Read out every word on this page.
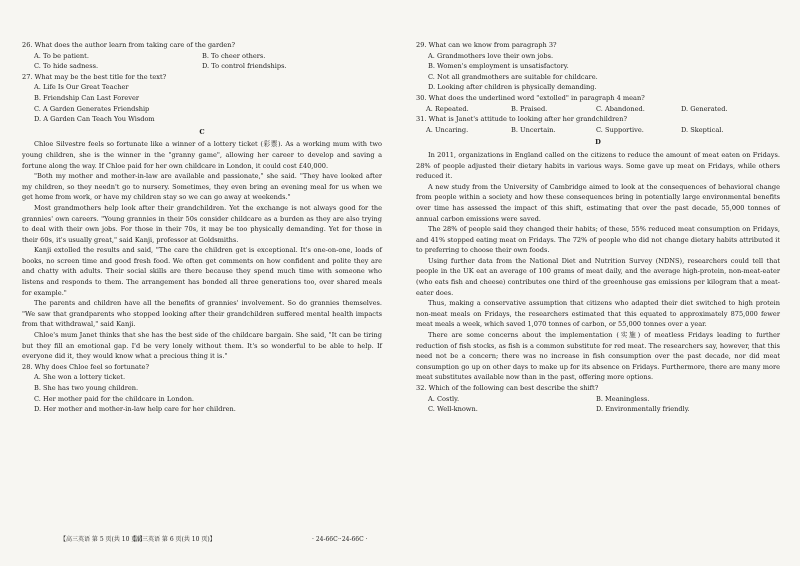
26. What does the author learn from taking care of the garden?

A. To be patient.	B. To cheer others.
C. To hide sadness.	D. To control friendships.

27. What may be the best title for the text?

A. Life Is Our Great Teacher
B. Friendship Can Last Forever
C. A Garden Generates Friendship
D. A Garden Can Teach You Wisdom
C

Chloe Silvestre feels so fortunate like a winner of a lottery ticket (彩票). As a working mum with two young children, she is the winner in the "granny game", allowing her career to develop and saving a fortune along the way. If Chloe paid for her own childcare in London, it could cost £40,000.

"Both my mother and mother-in-law are available and passionate," she said. "They have looked after my children, so they needn't go to nursery. Sometimes, they even bring an evening meal for us when we get home from work, or have my children stay so we can go away at weekends."

Most grandmothers help look after their grandchildren. Yet the exchange is not always good for the grannies' own careers. "Young grannies in their 50s consider childcare as a burden as they are also trying to deal with their own jobs. For those in their 70s, it may be too physically demanding. Yet for those in their 60s, it's usually great," said Kanji, professor at Goldsmiths.

Kanji extolled the results and said, "The care the children get is exceptional. It's one-on-one, loads of books, no screen time and good fresh food. We often get comments on how confident and polite they are and chatty with adults. Their social skills are there because they spend much time with someone who listens and responds to them. The arrangement has bonded all three generations too, over shared meals for example."

The parents and children have all the benefits of grannies' involvement. So do grannies themselves. "We saw that grandparents who stopped looking after their grandchildren suffered mental health impacts from that withdrawal," said Kanji.

Chloe's mum Janet thinks that she has the best side of the childcare bargain. She said, "It can be tiring but they fill an emotional gap. I'd be very lonely without them. It's so wonderful to be able to help. If everyone did it, they would know what a precious thing it is."

28. Why does Chloe feel so fortunate?

A. She won a lottery ticket.
B. She has two young children.
C. Her mother paid for the childcare in London.
D. Her mother and mother-in-law help care for her children.
【高三英语 第 5 页(共 10 页)】	· 24-66C ·

29. What can we know from paragraph 3?

A. Grandmothers love their own jobs.
B. Women's employment is unsatisfactory.
C. Not all grandmothers are suitable for childcare.
D. Looking after children is physically demanding.

30. What does the underlined word "extolled" in paragraph 4 mean?

A. Repeated.	B. Praised.	C. Abandoned.	D. Generated.

31. What is Janet's attitude to looking after her grandchildren?

A. Uncaring.	B. Uncertain.	C. Supportive.	D. Skeptical.
D

In 2011, organizations in England called on the citizens to reduce the amount of meat eaten on Fridays. 28% of people adjusted their dietary habits in various ways. Some gave up meat on Fridays, while others reduced it.

A new study from the University of Cambridge aimed to look at the consequences of behavioral change from people within a society and how these consequences bring in potentially large environmental benefits over time has assessed the impact of this shift, estimating that over the past decade, 55,000 tonnes of annual carbon emissions were saved.

The 28% of people said they changed their habits; of these, 55% reduced meat consumption on Fridays, and 41% stopped eating meat on Fridays. The 72% of people who did not change dietary habits attributed it to preferring to choose their own foods.

Using further data from the National Diet and Nutrition Survey (NDNS), researchers could tell that people in the UK eat an average of 100 grams of meat daily, and the average high-protein, non-meat-eater (who eats fish and cheese) contributes one third of the greenhouse gas emissions per kilogram that a meat-eater does.

Thus, making a conservative assumption that citizens who adapted their diet switched to high protein non-meat meals on Fridays, the researchers estimated that this equated to approximately 875,000 fewer meat meals a week, which saved 1,070 tonnes of carbon, or 55,000 tonnes over a year.

There are some concerns about the implementation (实施) of meatless Fridays leading to further reduction of fish stocks, as fish is a common substitute for red meat. The researchers say, however, that this need not be a concern; there was no increase in fish consumption over the past decade, nor did meat consumption go up on other days to make up for its absence on Fridays. Furthermore, there are many more meat substitutes available now than in the past, offering more options.

32. Which of the following can best describe the shift?

A. Costly.	B. Meaningless.
C. Well-known.	D. Environmentally friendly.
【高三英语 第 6 页(共 10 页)】	· 24-66C ·
